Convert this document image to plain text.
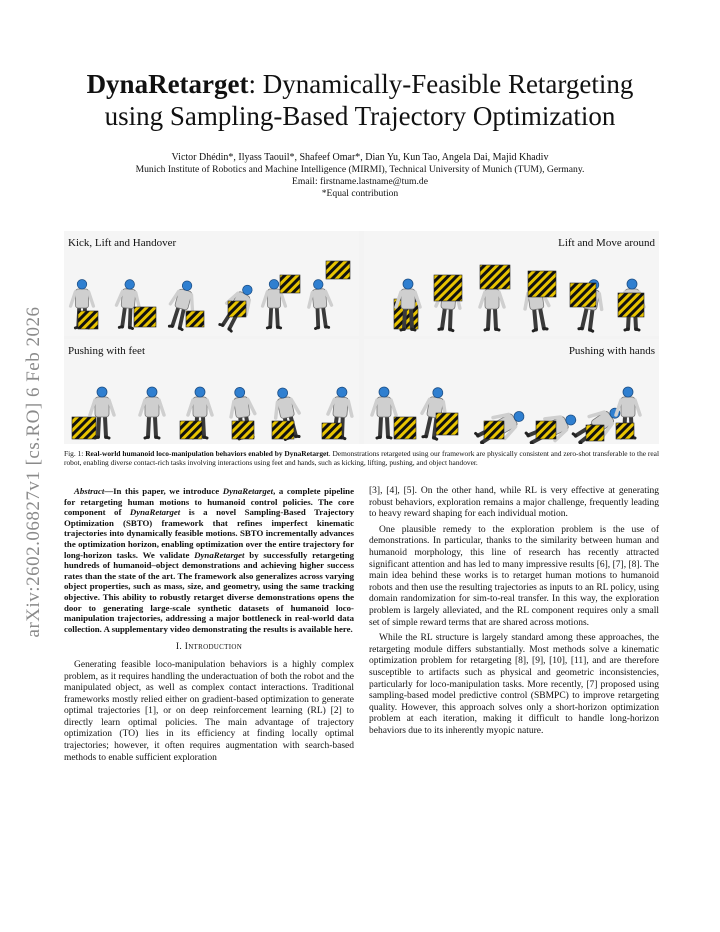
arXiv:2602.06827v1 [cs.RO] 6 Feb 2026
DynaRetarget: Dynamically-Feasible Retargeting using Sampling-Based Trajectory Optimization
Victor Dhédin*, Ilyass Taouil*, Shafeef Omar*, Dian Yu, Kun Tao, Angela Dai, Majid Khadiv
Munich Institute of Robotics and Machine Intelligence (MIRMI), Technical University of Munich (TUM), Germany.
Email: firstname.lastname@tum.de
*Equal contribution
Kick, Lift and Handover	Lift and Move around
Pushing with feet	Pushing with hands
Fig. 1: Real-world humanoid loco-manipulation behaviors enabled by DynaRetarget. Demonstrations retargeted using our framework are physically consistent and zero-shot transferable to the real robot, enabling diverse contact-rich tasks involving interactions using feet and hands, such as kicking, lifting, pushing, and object handover.

Abstract—In this paper, we introduce DynaRetarget, a complete pipeline for retargeting human motions to humanoid control policies. The core component of DynaRetarget is a novel Sampling-Based Trajectory Optimization (SBTO) framework that refines imperfect kinematic trajectories into dynamically feasible motions. SBTO incrementally advances the optimization horizon, enabling optimization over the entire trajectory for long-horizon tasks. We validate DynaRetarget by successfully retargeting hundreds of humanoid–object demonstrations and achieving higher success rates than the state of the art. The framework also generalizes across varying object properties, such as mass, size, and geometry, using the same tracking objective. This ability to robustly retarget diverse demonstrations opens the door to generating large-scale synthetic datasets of humanoid loco-manipulation trajectories, addressing a major bottleneck in real-world data collection. A supplementary video demonstrating the results is available here.

I. Introduction

Generating feasible loco-manipulation behaviors is a highly complex problem, as it requires handling the underactuation of both the robot and the manipulated object, as well as complex contact interactions. Traditional frameworks mostly relied either on gradient-based optimization to generate optimal trajectories [1], or on deep reinforcement learning (RL) [2] to directly learn optimal policies. The main advantage of trajectory optimization (TO) lies in its efficiency at finding locally optimal trajectories; however, it often requires augmentation with search-based methods to enable sufficient exploration

[3], [4], [5]. On the other hand, while RL is very effective at generating robust behaviors, exploration remains a major challenge, frequently leading to heavy reward shaping for each individual motion.

One plausible remedy to the exploration problem is the use of demonstrations. In particular, thanks to the similarity between human and humanoid morphology, this line of research has recently attracted significant attention and has led to many impressive results [6], [7], [8]. The main idea behind these works is to retarget human motions to humanoid robots and then use the resulting trajectories as inputs to an RL policy, using domain randomization for sim-to-real transfer. In this way, the exploration problem is largely alleviated, and the RL component requires only a small set of simple reward terms that are shared across motions.

While the RL structure is largely standard among these approaches, the retargeting module differs substantially. Most methods solve a kinematic optimization problem for retargeting [8], [9], [10], [11], and are therefore susceptible to artifacts such as physical and geometric inconsistencies, particularly for loco-manipulation tasks. More recently, [7] proposed using sampling-based model predictive control (SBMPC) to improve retargeting quality. However, this approach solves only a short-horizon optimization problem at each iteration, making it difficult to handle long-horizon behaviors due to its inherently myopic nature.
